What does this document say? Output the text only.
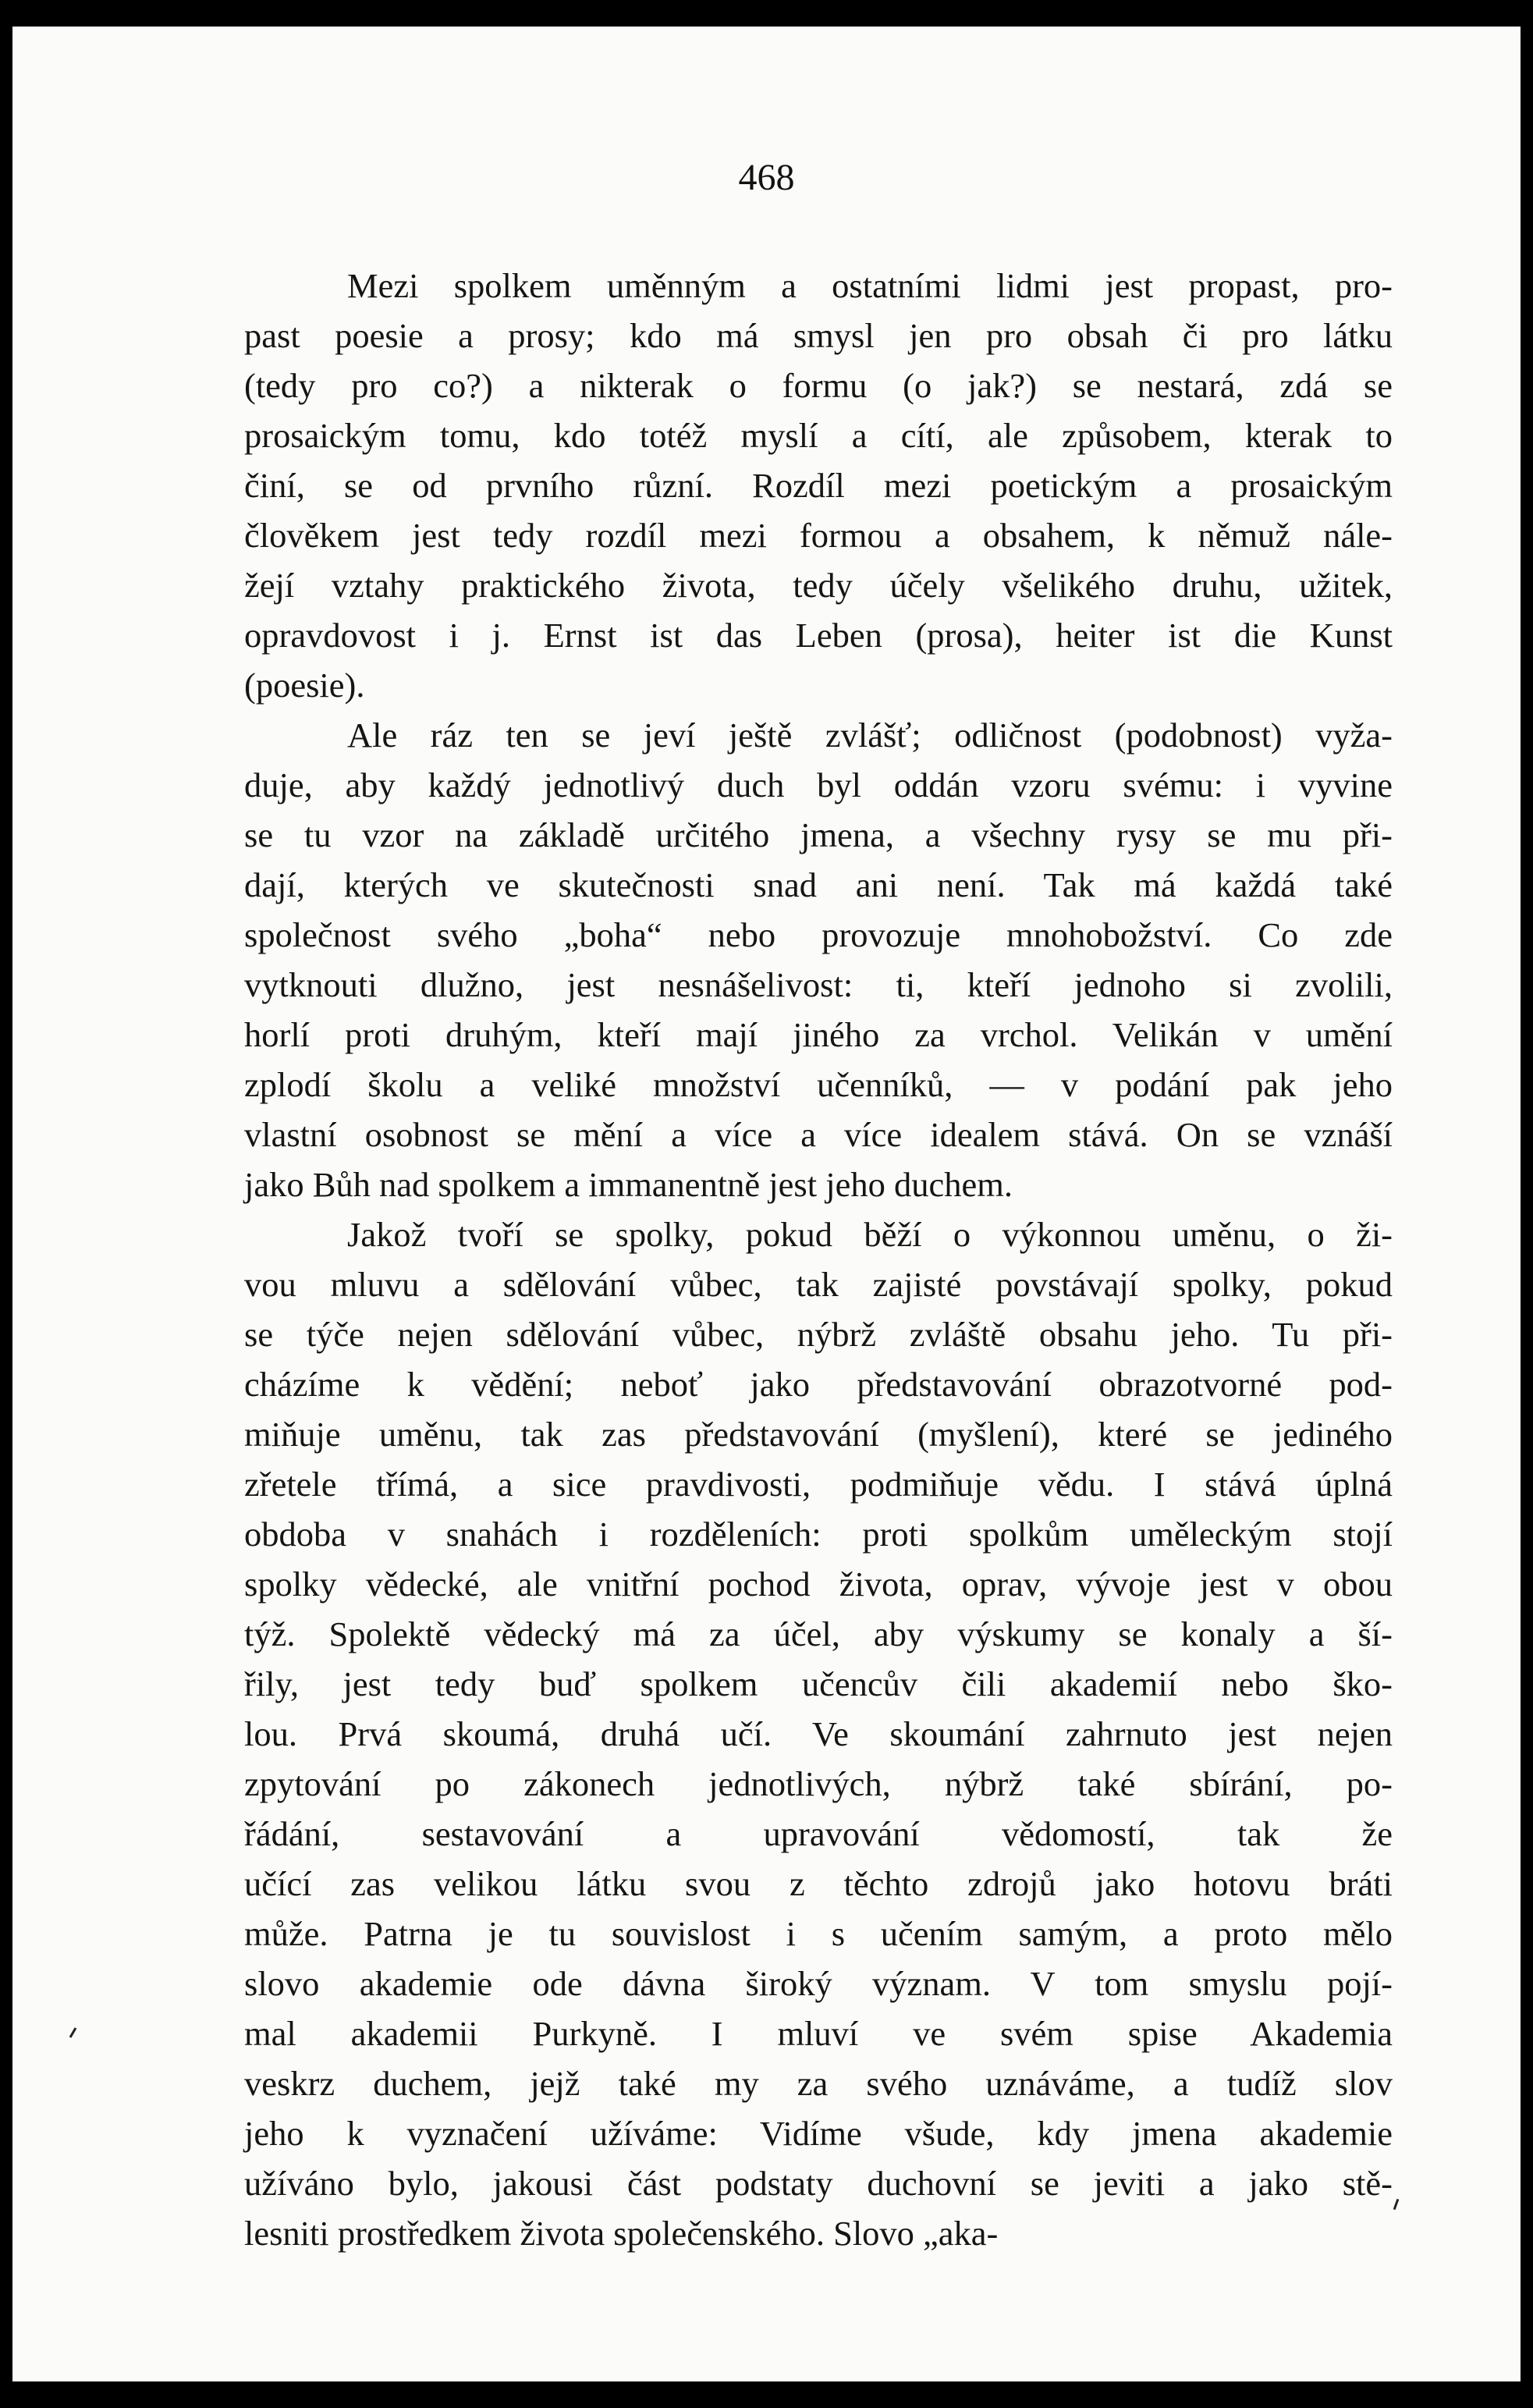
468
Mezi spolkem uměnným a ostatními lidmi jest propast, pro-
past poesie a prosy; kdo má smysl jen pro obsah či pro látku
(tedy pro co?) a nikterak o formu (o jak?) se nestará, zdá se
prosaickým tomu, kdo totéž myslí a cítí, ale způsobem, kterak to
činí, se od prvního různí. Rozdíl mezi poetickým a prosaickým
člověkem jest tedy rozdíl mezi formou a obsahem, k němuž nále-
žejí vztahy praktického života, tedy účely všelikého druhu, užitek,
opravdovost i j. Ernst ist das Leben (prosa), heiter ist die Kunst
(poesie).
Ale ráz ten se jeví ještě zvlášť; odličnost (podobnost) vyža-
duje, aby každý jednotlivý duch byl oddán vzoru svému: i vyvine
se tu vzor na základě určitého jmena, a všechny rysy se mu při-
dají, kterých ve skutečnosti snad ani není. Tak má každá také
společnost svého „boha“ nebo provozuje mnohobožství. Co zde
vytknouti dlužno, jest nesnášelivost: ti, kteří jednoho si zvolili,
horlí proti druhým, kteří mají jiného za vrchol. Velikán v umění
zplodí školu a veliké množství učenníků, — v podání pak jeho
vlastní osobnost se mění a více a více idealem stává. On se vznáší
jako Bůh nad spolkem a immanentně jest jeho duchem.
Jakož tvoří se spolky, pokud běží o výkonnou uměnu, o ži-
vou mluvu a sdělování vůbec, tak zajisté povstávají spolky, pokud
se týče nejen sdělování vůbec, nýbrž zvláště obsahu jeho. Tu při-
cházíme k vědění; neboť jako představování obrazotvorné pod-
miňuje uměnu, tak zas představování (myšlení), které se jediného
zřetele třímá, a sice pravdivosti, podmiňuje vědu. I stává úplná
obdoba v snahách i rozděleních: proti spolkům uměleckým stojí
spolky vědecké, ale vnitřní pochod života, oprav, vývoje jest v obou
týž. Spolektě vědecký má za účel, aby výskumy se konaly a ší-
řily, jest tedy buď spolkem učencův čili akademií nebo ško-
lou. Prvá skoumá, druhá učí. Ve skoumání zahrnuto jest nejen
zpytování po zákonech jednotlivých, nýbrž také sbírání, po-
řádání, sestavování a upravování vědomostí, tak že
učící zas velikou látku svou z těchto zdrojů jako hotovu bráti
může. Patrna je tu souvislost i s učením samým, a proto mělo
slovo akademie ode dávna široký význam. V tom smyslu pojí-
mal akademii Purkyně. I mluví ve svém spise Akademia
veskrz duchem, jejž také my za svého uznáváme, a tudíž slov
jeho k vyznačení užíváme: Vidíme všude, kdy jmena akademie
užíváno bylo, jakousi část podstaty duchovní se jeviti a jako stě-
lesniti prostředkem života společenského. Slovo „aka-
